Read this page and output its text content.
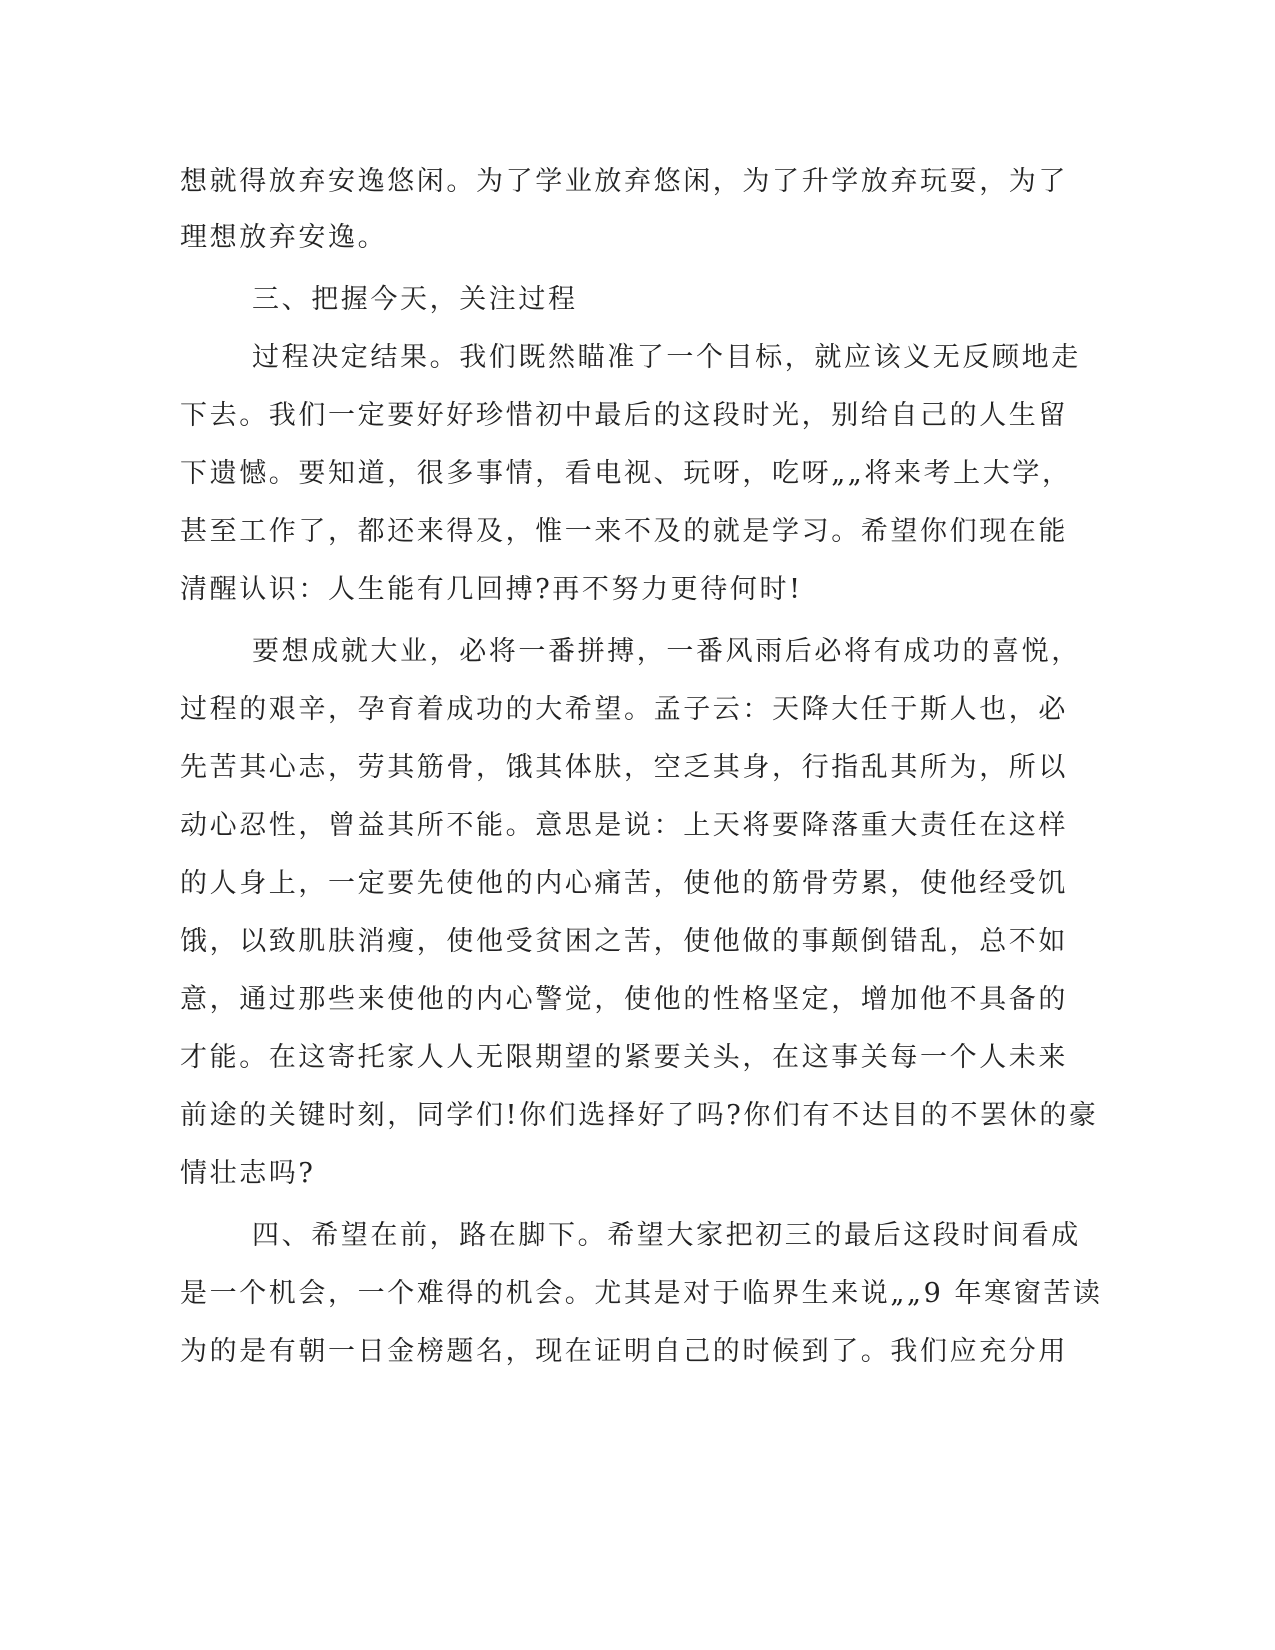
想就得放弃安逸悠闲。为了学业放弃悠闲，为了升学放弃玩耍，为了
理想放弃安逸。
三、把握今天，关注过程
过程决定结果。我们既然瞄准了一个目标，就应该义无反顾地走
下去。我们一定要好好珍惜初中最后的这段时光，别给自己的人生留
下遗憾。要知道，很多事情，看电视、玩呀，吃呀„„将来考上大学，
甚至工作了，都还来得及，惟一来不及的就是学习。希望你们现在能
清醒认识：人生能有几回搏?再不努力更待何时!
要想成就大业，必将一番拼搏，一番风雨后必将有成功的喜悦，
过程的艰辛，孕育着成功的大希望。孟子云：天降大任于斯人也，必
先苦其心志，劳其筋骨，饿其体肤，空乏其身，行指乱其所为，所以
动心忍性，曾益其所不能。意思是说：上天将要降落重大责任在这样
的人身上，一定要先使他的内心痛苦，使他的筋骨劳累，使他经受饥
饿，以致肌肤消瘦，使他受贫困之苦，使他做的事颠倒错乱，总不如
意，通过那些来使他的内心警觉，使他的性格坚定，增加他不具备的
才能。在这寄托家人人无限期望的紧要关头，在这事关每一个人未来
前途的关键时刻，同学们!你们选择好了吗?你们有不达目的不罢休的豪
情壮志吗?
四、希望在前，路在脚下。希望大家把初三的最后这段时间看成
是一个机会，一个难得的机会。尤其是对于临界生来说„„9 年寒窗苦读
为的是有朝一日金榜题名，现在证明自己的时候到了。我们应充分用
